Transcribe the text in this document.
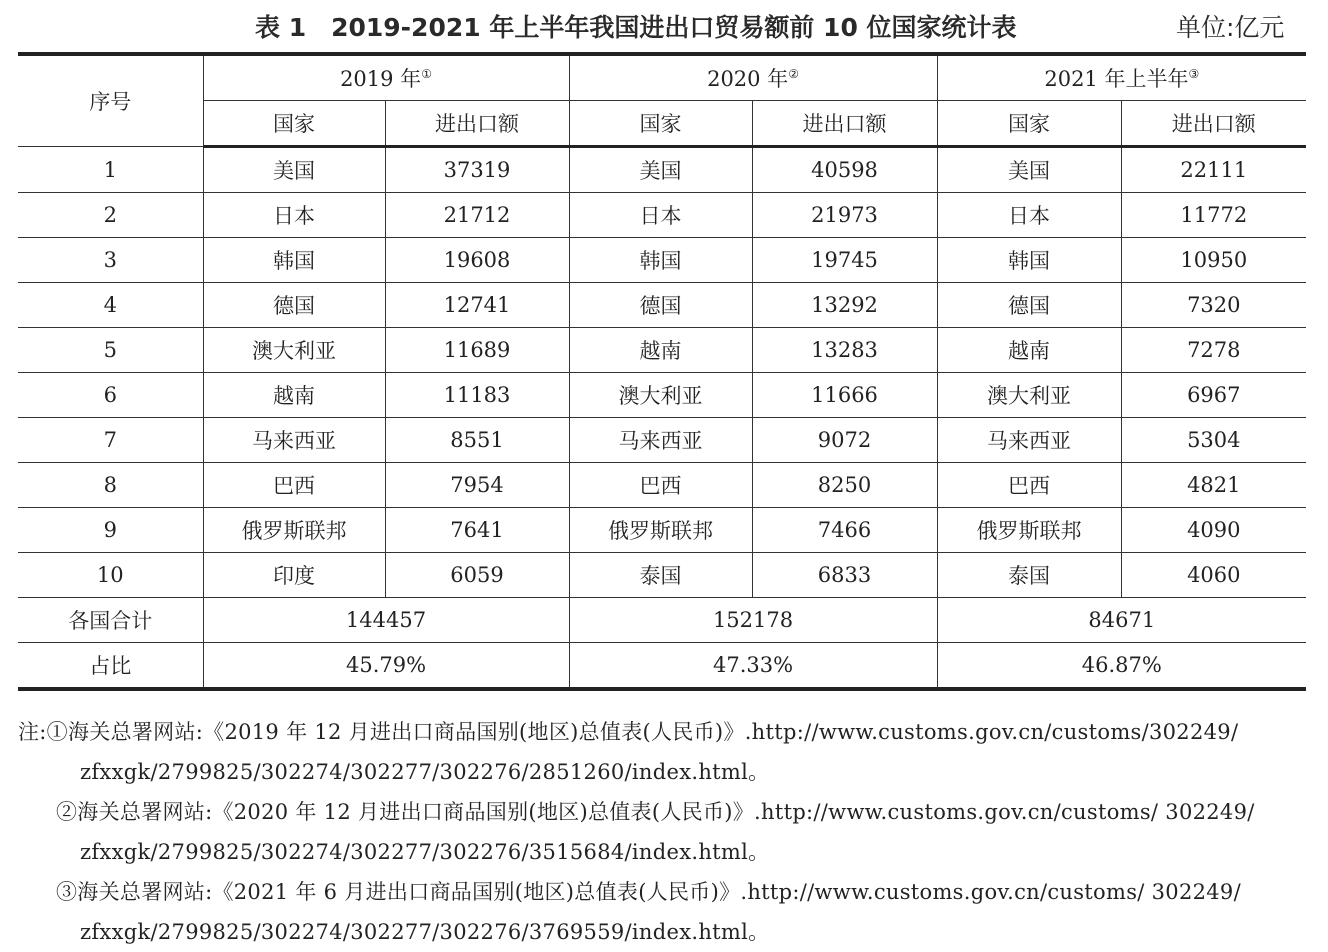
表 1　2019-2021 年上半年我国进出口贸易额前 10 位国家统计表	单位:亿元
序号	2019 年①		2020 年②		2021 年上半年③
	国家	进出口额	国家	进出口额	国家	进出口额
1	美国	37319	美国	40598	美国	22111
2	日本	21712	日本	21973	日本	11772
3	韩国	19608	韩国	19745	韩国	10950
4	德国	12741	德国	13292	德国	7320
5	澳大利亚	11689	越南	13283	越南	7278
6	越南	11183	澳大利亚	11666	澳大利亚	6967
7	马来西亚	8551	马来西亚	9072	马来西亚	5304
8	巴西	7954	巴西	8250	巴西	4821
9	俄罗斯联邦	7641	俄罗斯联邦	7466	俄罗斯联邦	4090
10	印度	6059	泰国	6833	泰国	4060
各国合计	144457		152178		84671	
占比	45.79%		47.33%		46.87%	
注:①海关总署网站:《2019 年 12 月进出口商品国别(地区)总值表(人民币)》.http://www.customs.gov.cn/customs/302249/
zfxxgk/2799825/302274/302277/302276/2851260/index.html。
②海关总署网站:《2020 年 12 月进出口商品国别(地区)总值表(人民币)》.http://www.customs.gov.cn/customs/ 302249/
zfxxgk/2799825/302274/302277/302276/3515684/index.html。
③海关总署网站:《2021 年 6 月进出口商品国别(地区)总值表(人民币)》.http://www.customs.gov.cn/customs/ 302249/
zfxxgk/2799825/302274/302277/302276/3769559/index.html。
